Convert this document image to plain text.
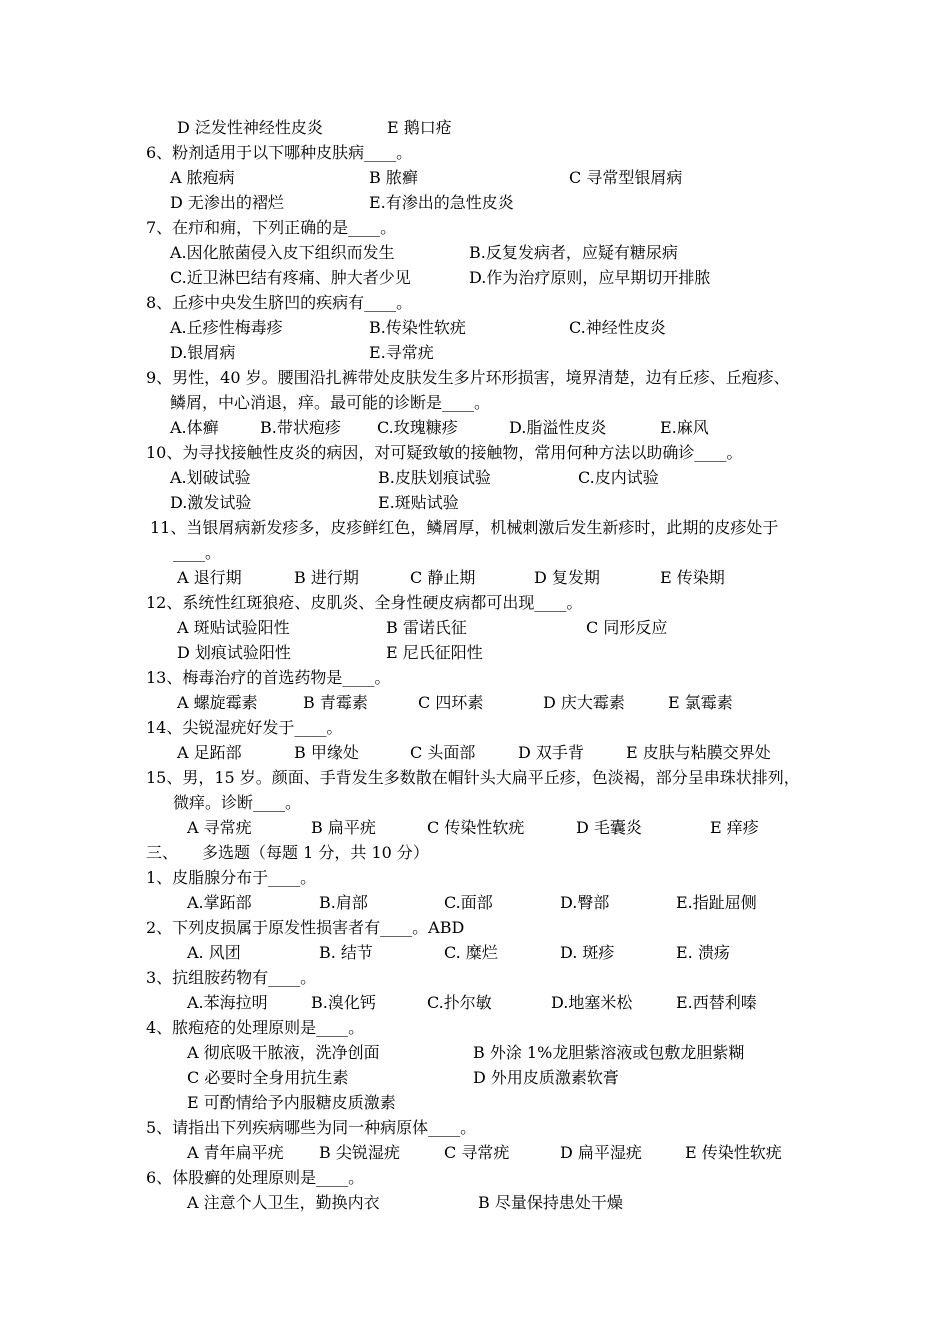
D 泛发性神经性皮炎	E 鹅口疮
6、粉剂适用于以下哪种皮肤病____。
A 脓疱病	B 脓癣	C 寻常型银屑病
D 无渗出的褶烂	E.有渗出的急性皮炎
7、在疖和痈，下列正确的是____。
A.因化脓菌侵入皮下组织而发生	B.反复发病者，应疑有糖尿病
C.近卫淋巴结有疼痛、肿大者少见	D.作为治疗原则，应早期切开排脓
8、丘疹中央发生脐凹的疾病有____。
A.丘疹性梅毒疹	B.传染性软疣	C.神经性皮炎
D.银屑病	E.寻常疣
9、男性，40 岁。腰围沿扎裤带处皮肤发生多片环形损害，境界清楚，边有丘疹、丘疱疹、
鳞屑，中心消退，痒。最可能的诊断是____。
A.体癣	B.带状疱疹 C.玫瑰糠疹	D.脂溢性皮炎	E.麻风
10、为寻找接触性皮炎的病因，对可疑致敏的接触物，常用何种方法以助确诊____。
A.划破试验	B.皮肤划痕试验	C.皮内试验
D.激发试验	E.斑贴试验
11、当银屑病新发疹多，皮疹鲜红色，鳞屑厚，机械刺激后发生新疹时，此期的皮疹处于
____。
A 退行期	B 进行期	C 静止期	D 复发期	E 传染期
12、系统性红斑狼疮、皮肌炎、全身性硬皮病都可出现____。
A 斑贴试验阳性	B 雷诺氏征	C 同形反应
D 划痕试验阳性	E 尼氏征阳性
13、梅毒治疗的首选药物是____。
A 螺旋霉素	B 青霉素	C 四环素	D 庆大霉素	E 氯霉素
14、尖锐湿疣好发于____。
A 足跖部	B 甲缘处	C 头面部	D 双手背	E 皮肤与粘膜交界处
15、男，15 岁。颜面、手背发生多数散在帽针头大扁平丘疹，色淡褐，部分呈串珠状排列，
微痒。诊断____。
A 寻常疣	B 扁平疣	C 传染性软疣	D 毛囊炎	E 痒疹
三、 多选题（每题 1 分，共 10 分）
1、皮脂腺分布于____。
A.掌跖部	B.肩部	C.面部	D.臀部	E.指趾屈侧
2、下列皮损属于原发性损害者有____。ABD
A. 风团	B. 结节	C. 糜烂	D. 斑疹	E. 溃疡
3、抗组胺药物有____。
A.苯海拉明	B.溴化钙	C.扑尔敏	D.地塞米松	E.西替利嗪
4、脓疱疮的处理原则是____。
A 彻底吸干脓液，洗净创面	B 外涂 1%龙胆紫溶液或包敷龙胆紫糊
C 必要时全身用抗生素	D 外用皮质激素软膏
E 可酌情给予内服糖皮质激素
5、请指出下列疾病哪些为同一种病原体____。
A 青年扁平疣 B 尖锐湿疣	C 寻常疣	D 扁平湿疣	E 传染性软疣
6、体股癣的处理原则是____。
A 注意个人卫生，勤换内衣	B 尽量保持患处干燥
